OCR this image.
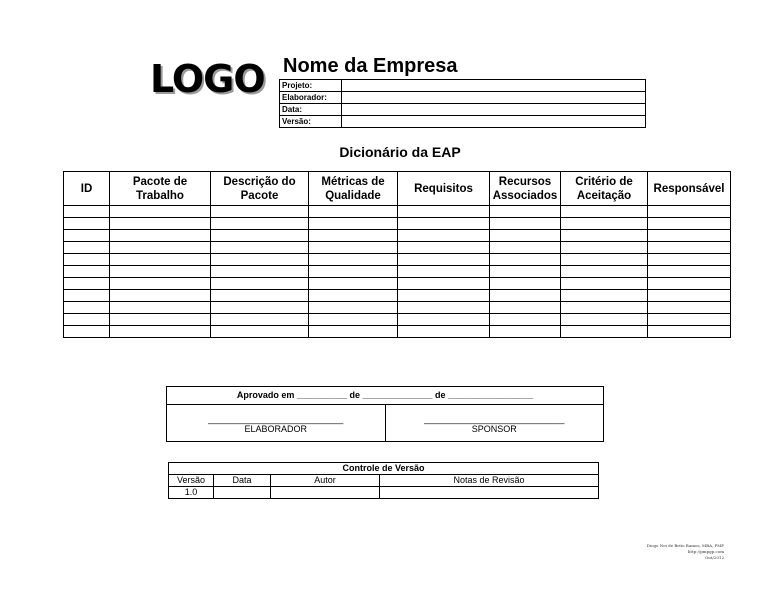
LOGO Nome da Empresa
Projeto:	
Elaborador:	
Data:	
Versão:	
Dicionário da EAP
ID	Pacote de Trabalho	Descrição do Pacote	Métricas de Qualidade	Requisitos	Recursos Associados	Critério de Aceitação	Responsável

Aprovado em __________ de ______________ de _________________
___________________________
ELABORADOR
____________________________
SPONSOR
Controle de Versão			
Versão	Data	Autor	Notas de Revisão
1.0			
Diogo Nei de Brito Ramos, MBA, PMP
http://pmpgp.com
Out/2012
